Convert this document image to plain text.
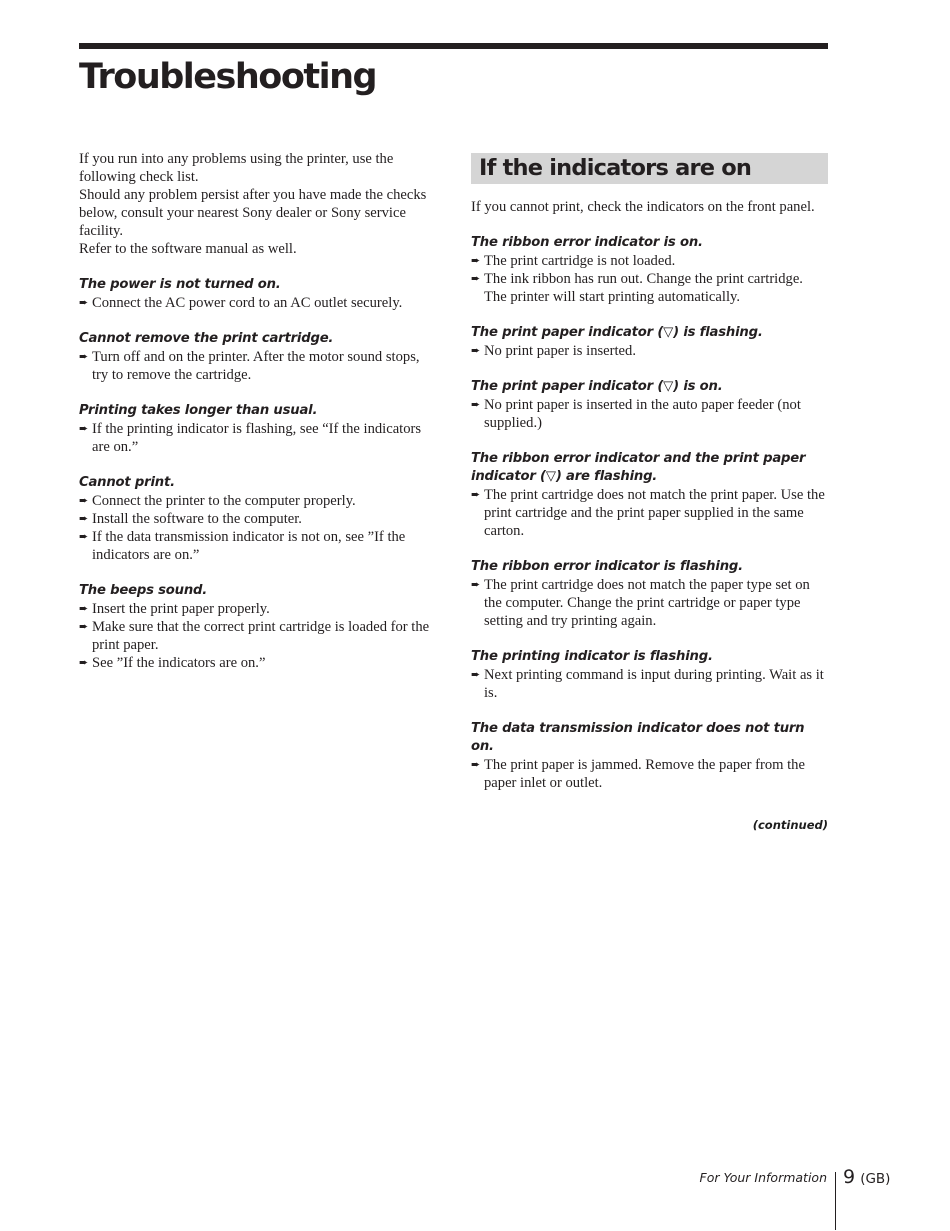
Troubleshooting

If you run into any problems using the printer, use the following check list.

Should any problem persist after you have made the checks below, consult your nearest Sony dealer or Sony service facility.

Refer to the software manual as well.

The power is not turned on.

➨ Connect the AC power cord to an AC outlet securely.

Cannot remove the print cartridge.

➨ Turn off and on the printer. After the motor sound stops, try to remove the cartridge.

Printing takes longer than usual.

➨ If the printing indicator is flashing, see “If the indicators are on.”

Cannot print.

➨ Connect the printer to the computer properly.

➨ Install the software to the computer.

➨ If the data transmission indicator is not on, see ”If the indicators are on.”

The beeps sound.

➨ Insert the print paper properly.

➨ Make sure that the correct print cartridge is loaded for the print paper.

➨ See ”If the indicators are on.”

If the indicators are on

If you cannot print, check the indicators on the front panel.

The ribbon error indicator is on.

➨ The print cartridge is not loaded.

➨ The ink ribbon has run out. Change the print cartridge. The printer will start printing automatically.

The print paper indicator (▽) is flashing.

➨ No print paper is inserted.

The print paper indicator (▽) is on.

➨ No print paper is inserted in the auto paper feeder (not supplied.)

The ribbon error indicator and the print paper indicator (▽) are flashing.

➨ The print cartridge does not match the print paper. Use the print cartridge and the print paper supplied in the same carton.

The ribbon error indicator is flashing.

➨ The print cartridge does not match the paper type set on the computer. Change the print cartridge or paper type setting and try printing again.

The printing indicator is flashing.

➨ Next printing command is input during printing. Wait as it is.

The data transmission indicator does not turn on.

➨ The print paper is jammed. Remove the paper from the paper inlet or outlet.

(continued)
For Your Information 9 (GB)
